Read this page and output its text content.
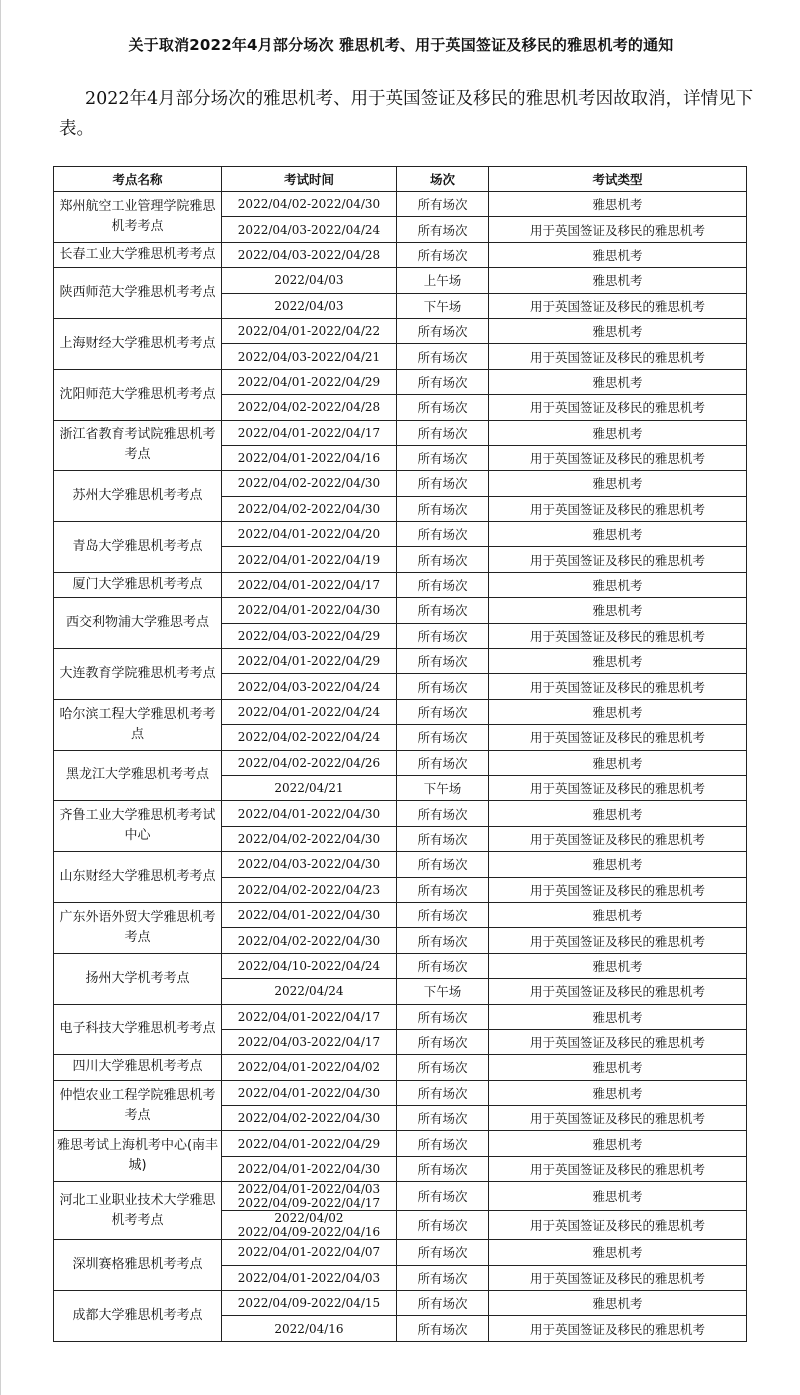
关于取消2022年4月部分场次 雅思机考、用于英国签证及移民的雅思机考的通知
2022年4月部分场次的雅思机考、用于英国签证及移民的雅思机考因故取消，详情见下表。
考点名称	考试时间	场次	考试类型
郑州航空工业管理学院雅思机考考点	2022/04/02-2022/04/30	所有场次	雅思机考
	2022/04/03-2022/04/24	所有场次	用于英国签证及移民的雅思机考
长春工业大学雅思机考考点	2022/04/03-2022/04/28	所有场次	雅思机考
陕西师范大学雅思机考考点	2022/04/03	上午场	雅思机考
	2022/04/03	下午场	用于英国签证及移民的雅思机考
上海财经大学雅思机考考点	2022/04/01-2022/04/22	所有场次	雅思机考
	2022/04/03-2022/04/21	所有场次	用于英国签证及移民的雅思机考
沈阳师范大学雅思机考考点	2022/04/01-2022/04/29	所有场次	雅思机考
	2022/04/02-2022/04/28	所有场次	用于英国签证及移民的雅思机考
浙江省教育考试院雅思机考考点	2022/04/01-2022/04/17	所有场次	雅思机考
	2022/04/01-2022/04/16	所有场次	用于英国签证及移民的雅思机考
苏州大学雅思机考考点	2022/04/02-2022/04/30	所有场次	雅思机考
	2022/04/02-2022/04/30	所有场次	用于英国签证及移民的雅思机考
青岛大学雅思机考考点	2022/04/01-2022/04/20	所有场次	雅思机考
	2022/04/01-2022/04/19	所有场次	用于英国签证及移民的雅思机考
厦门大学雅思机考考点	2022/04/01-2022/04/17	所有场次	雅思机考
西交利物浦大学雅思考点	2022/04/01-2022/04/30	所有场次	雅思机考
	2022/04/03-2022/04/29	所有场次	用于英国签证及移民的雅思机考
大连教育学院雅思机考考点	2022/04/01-2022/04/29	所有场次	雅思机考
	2022/04/03-2022/04/24	所有场次	用于英国签证及移民的雅思机考
哈尔滨工程大学雅思机考考点	2022/04/01-2022/04/24	所有场次	雅思机考
	2022/04/02-2022/04/24	所有场次	用于英国签证及移民的雅思机考
黑龙江大学雅思机考考点	2022/04/02-2022/04/26	所有场次	雅思机考
	2022/04/21	下午场	用于英国签证及移民的雅思机考
齐鲁工业大学雅思机考考试中心	2022/04/01-2022/04/30	所有场次	雅思机考
	2022/04/02-2022/04/30	所有场次	用于英国签证及移民的雅思机考
山东财经大学雅思机考考点	2022/04/03-2022/04/30	所有场次	雅思机考
	2022/04/02-2022/04/23	所有场次	用于英国签证及移民的雅思机考
广东外语外贸大学雅思机考考点	2022/04/01-2022/04/30	所有场次	雅思机考
	2022/04/02-2022/04/30	所有场次	用于英国签证及移民的雅思机考
扬州大学机考考点	2022/04/10-2022/04/24	所有场次	雅思机考
	2022/04/24	下午场	用于英国签证及移民的雅思机考
电子科技大学雅思机考考点	2022/04/01-2022/04/17	所有场次	雅思机考
	2022/04/03-2022/04/17	所有场次	用于英国签证及移民的雅思机考
四川大学雅思机考考点	2022/04/01-2022/04/02	所有场次	雅思机考
仲恺农业工程学院雅思机考考点	2022/04/01-2022/04/30	所有场次	雅思机考
	2022/04/02-2022/04/30	所有场次	用于英国签证及移民的雅思机考
雅思考试上海机考中心(南丰城)	2022/04/01-2022/04/29	所有场次	雅思机考
	2022/04/01-2022/04/30	所有场次	用于英国签证及移民的雅思机考
河北工业职业技术大学雅思机考考点	2022/04/01-2022/04/03
2022/04/09-2022/04/17	所有场次	雅思机考
	2022/04/02
2022/04/09-2022/04/16	所有场次	用于英国签证及移民的雅思机考
深圳赛格雅思机考考点	2022/04/01-2022/04/07	所有场次	雅思机考
	2022/04/01-2022/04/03	所有场次	用于英国签证及移民的雅思机考
成都大学雅思机考考点	2022/04/09-2022/04/15	所有场次	雅思机考
	2022/04/16	所有场次	用于英国签证及移民的雅思机考
